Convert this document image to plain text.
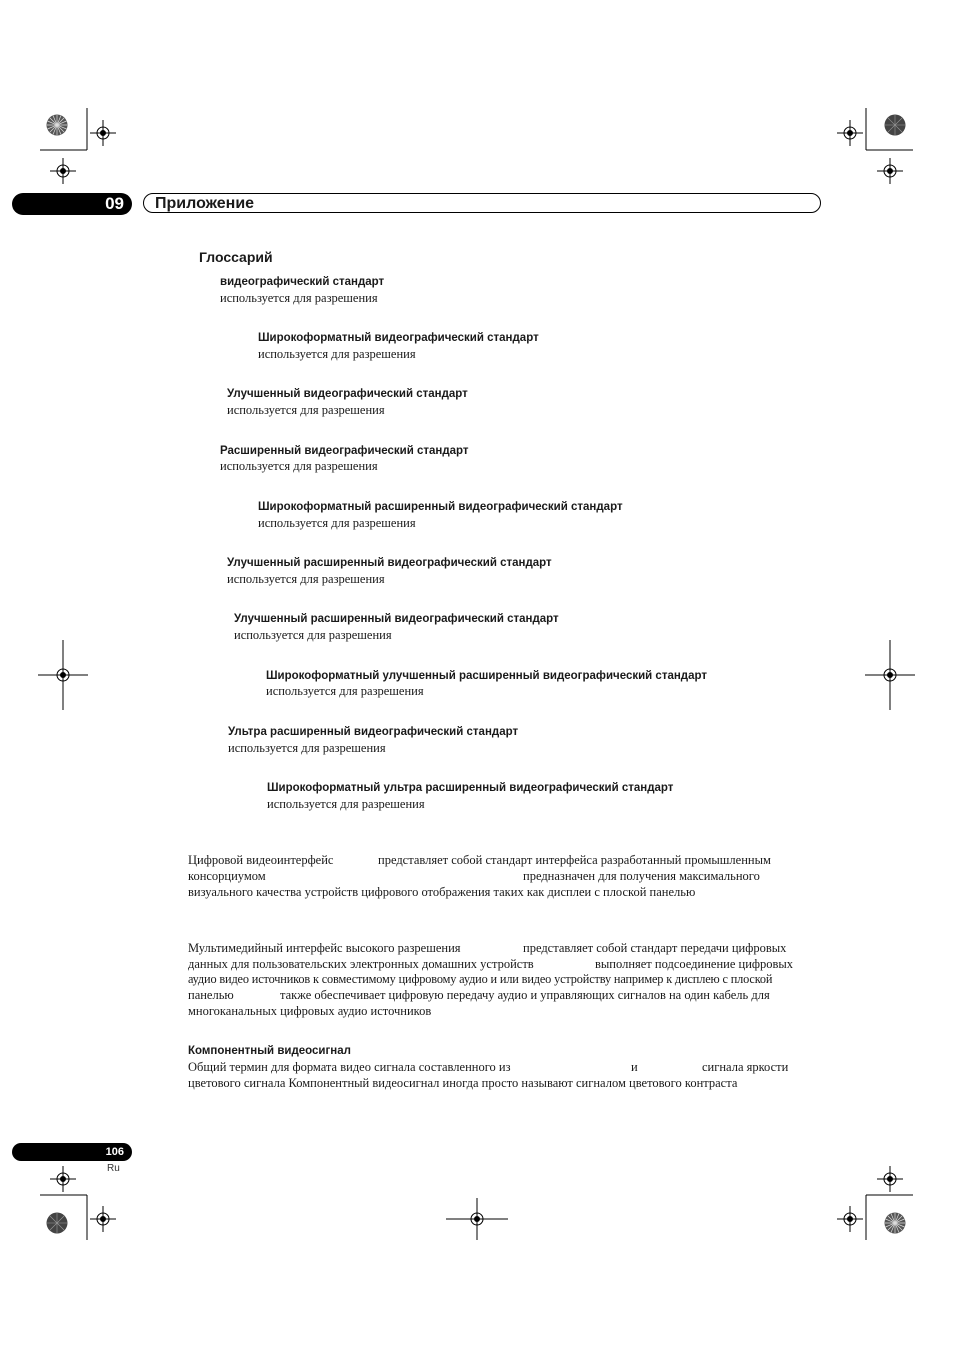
09	Приложение
Глоссарий
видеографический стандарт
используется для разрешения
Широкоформатный видеографический стандарт
используется для разрешения
Улучшенный видеографический стандарт
используется для разрешения
Расширенный видеографический стандарт
используется для разрешения
Широкоформатный расширенный видеографический стандарт
используется для разрешения
Улучшенный расширенный видеографический стандарт
используется для разрешения
Улучшенный расширенный видеографический стандарт
используется для разрешения
Широкоформатный улучшенный расширенный видеографический стандарт
используется для разрешения
Ультра расширенный видеографический стандарт
используется для разрешения
Широкоформатный ультра расширенный видеографический стандарт
используется для разрешения
Цифровой видеоинтерфейс	представляет собой стандарт интерфейса разработанный промышленным
консорциумом	предназначен для получения максимального
визуального качества устройств цифрового отображения таких как дисплеи с плоской панелью
Мультимедийный интерфейс высокого разрешения	представляет собой стандарт передачи цифровых
данных для пользовательских электронных домашних устройств	выполняет подсоединение цифровых
аудио видео источников к совместимому цифровому аудио и или видео устройству например к дисплею с плоской
панелью	также обеспечивает цифровую передачу аудио и управляющих сигналов на один кабель для
многоканальных цифровых аудио источников
Компонентный видеосигнал
Общий термин для формата видео сигнала составленного из	и	сигнала яркости
цветового сигнала Компонентный видеосигнал иногда просто называют сигналом цветового контраста
106
Ru
